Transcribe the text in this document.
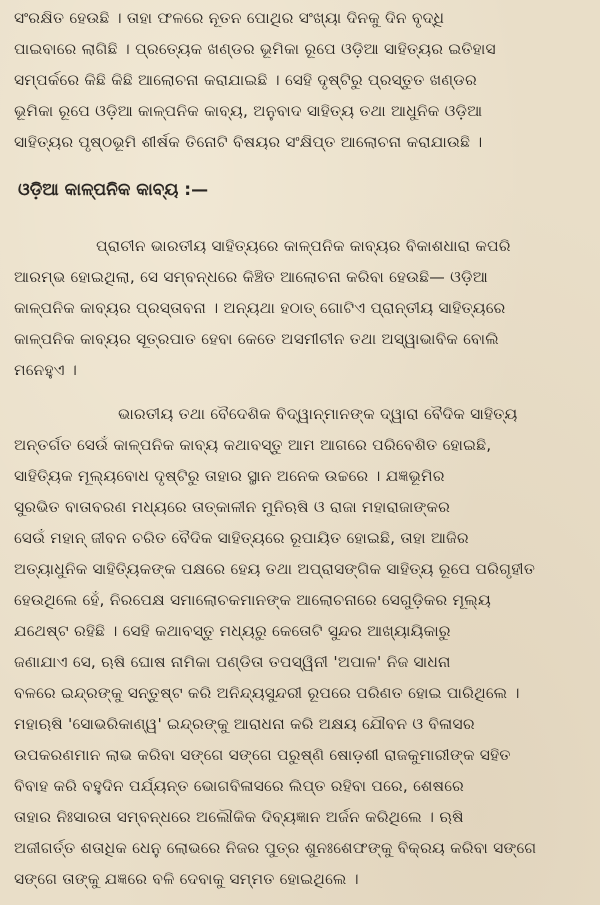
ସଂରକ୍ଷିତ ହେଉଛି । ତାହା ଫଳରେ ନୂତନ ପୋଥିର ସଂଖ୍ୟା ଦିନକୁ ଦିନ ବୃଦ୍ଧି
ପାଇବାରେ ଲାଗିଛି । ପ୍ରତ୍ୟେକ ଖଣ୍ଡର ଭୂମିକା ରୂପେ ଓଡ଼ିଆ ସାହିତ୍ୟର ଇତିହାସ
ସମ୍ପର୍କରେ କିଛି କିଛି ଆଲୋଚନା କରାଯାଇଛି । ସେହି ଦୃଷ୍ଟିରୁ ପ୍ରସ୍ତୁତ ଖଣ୍ଡର
ଭୂମିକା ରୂପେ ଓଡ଼ିଆ କାଳ୍ପନିକ କାବ୍ୟ, ଅନୁବାଦ ସାହିତ୍ୟ ତଥା ଆଧୁନିକ ଓଡ଼ିଆ
ସାହିତ୍ୟର ପୃଷ୍ଠଭୂମି ଶୀର୍ଷକ ତିନୋଟି ବିଷୟର ସଂକ୍ଷିପ୍ତ ଆଲୋଚନା କରାଯାଉଛି ।
ଓଡ଼ିଆ କାଳ୍ପନିକ କାବ୍ୟ :—
ପ୍ରାଚୀନ ଭାରତୀୟ ସାହିତ୍ୟରେ କାଳ୍ପନିକ କାବ୍ୟର ବିକାଶଧାରା କପରି
ଆରମ୍ଭ ହୋଇଥିଲା, ସେ ସମ୍ବନ୍ଧରେ କିଞ୍ଚିତ ଆଲୋଚନା କରିବା ହେଉଛି— ଓଡ଼ିଆ
କାଳ୍ପନିକ କାବ୍ୟର ପ୍ରସ୍ତାବନା । ଅନ୍ୟଥା ହଠାତ୍ ଗୋଟିଏ ପ୍ରାନ୍ତୀୟ ସାହିତ୍ୟରେ
କାଳ୍ପନିକ କାବ୍ୟର ସୂତ୍ରପାତ ହେବା କେତେ ଅସମୀଚୀନ ତଥା ଅସ୍ୱାଭାବିକ ବୋଲି
ମନେହୁଏ ।
ଭାରତୀୟ ତଥା ବୈଦେଶିକ ବିଦ୍ୱାନ୍‌ମାନଙ୍କ ଦ୍ୱାରା ବୈଦିକ ସାହିତ୍ୟ
ଅନ୍ତର୍ଗତ ସେଉଁ କାଳ୍ପନିକ କାବ୍ୟ କଥାବସ୍ତୁ ଆମ ଆଗରେ ପରିବେଶିତ ହୋଇଛି,
ସାହିତ୍ୟିକ ମୂଲ୍ୟବୋଧ ଦୃଷ୍ଟିରୁ ତାହାର ସ୍ଥାନ ଅନେକ ଉଚ୍ଚରେ । ଯଜ୍ଞଭୂମିର
ସୁରଭିତ ବାତାବରଣ ମଧ୍ୟରେ ତାତ୍‌କାଳୀନ ମୁନିଋଷି ଓ ରାଜା ମହାରାଜାଙ୍କର
ସେଉଁ ମହାନ୍ ଜୀବନ ଚରିତ ବୈଦିକ ସାହିତ୍ୟରେ ରୂପାୟିତ ହୋଇଛି, ତାହା ଆଜିର
ଅତ୍ୟାଧୁନିକ ସାହିତ୍ୟିକଙ୍କ ପକ୍ଷରେ ହେୟ ତଥା ଅପ୍ରାସଙ୍ଗିକ ସାହିତ୍ୟ ରୂପେ ପରିଗୃହୀତ
ହେଉଥିଲେ ହେଁ, ନିରପେକ୍ଷ ସମାଲୋଚକମାନଙ୍କ ଆଲୋଚନାରେ ସେଗୁଡ଼ିକର ମୂଲ୍ୟ
ଯଥେଷ୍ଟ ରହିଛି । ସେହି କଥାବସ୍ତୁ ମଧ୍ୟରୁ କେତୋଟି ସୁନ୍ଦର ଆଖ୍ୟାୟିକାରୁ
ଜଣାଯାଏ ସେ, ଋଷି ଘୋଷ ନାମିକା ପଣ୍ଡିତା ତପସ୍ୱିନୀ 'ଅପାଳ' ନିଜ ସାଧନା
ବଳରେ ଇନ୍ଦ୍ରଙ୍କୁ ସନ୍ତୁଷ୍ଟ କରି ଅନିନ୍ଦ୍ୟସୁନ୍ଦରୀ ରୂପରେ ପରିଣତ ହୋଇ ପାରିଥିଲେ ।
ମହାଋଷି 'ସୋଭରିକାଣ୍ୱ' ଇନ୍ଦ୍ରଙ୍କୁ ଆରାଧନା କରି ଅକ୍ଷୟ ଯୌବନ ଓ ବିଳାସର
ଉପକରଣମାନ ଲାଭ କରିବା ସଙ୍ଗେ ସଙ୍ଗେ ପରୁଷ୍ଣି ଷୋଡ଼ଶୀ ରାଜକୁମାରୀଙ୍କ ସହିତ
ବିବାହ କରି ବହୁଦିନ ପର୍ଯ୍ୟନ୍ତ ଭୋଗବିଳାସରେ ଲିପ୍ତ ରହିବା ପରେ, ଶେଷରେ
ତାହାର ନିଃସାରତା ସମ୍ବନ୍ଧରେ ଅଲୌକିକ ଦିବ୍ୟଜ୍ଞାନ ଅର୍ଜନ କରିଥିଲେ । ଋଷି
ଅଜୀଗର୍ତ୍ତ ଶତାଧିକ ଧେନୁ ଲୋଭରେ ନିଜର ପୁତ୍ର ଶୁନଃଶେଫଙ୍କୁ ବିକ୍ରୟ କରିବା ସଙ୍ଗେ
ସଙ୍ଗେ ତାଙ୍କୁ ଯଜ୍ଞରେ ବଳି ଦେବାକୁ ସମ୍ମତ ହୋଇଥିଲେ ।
